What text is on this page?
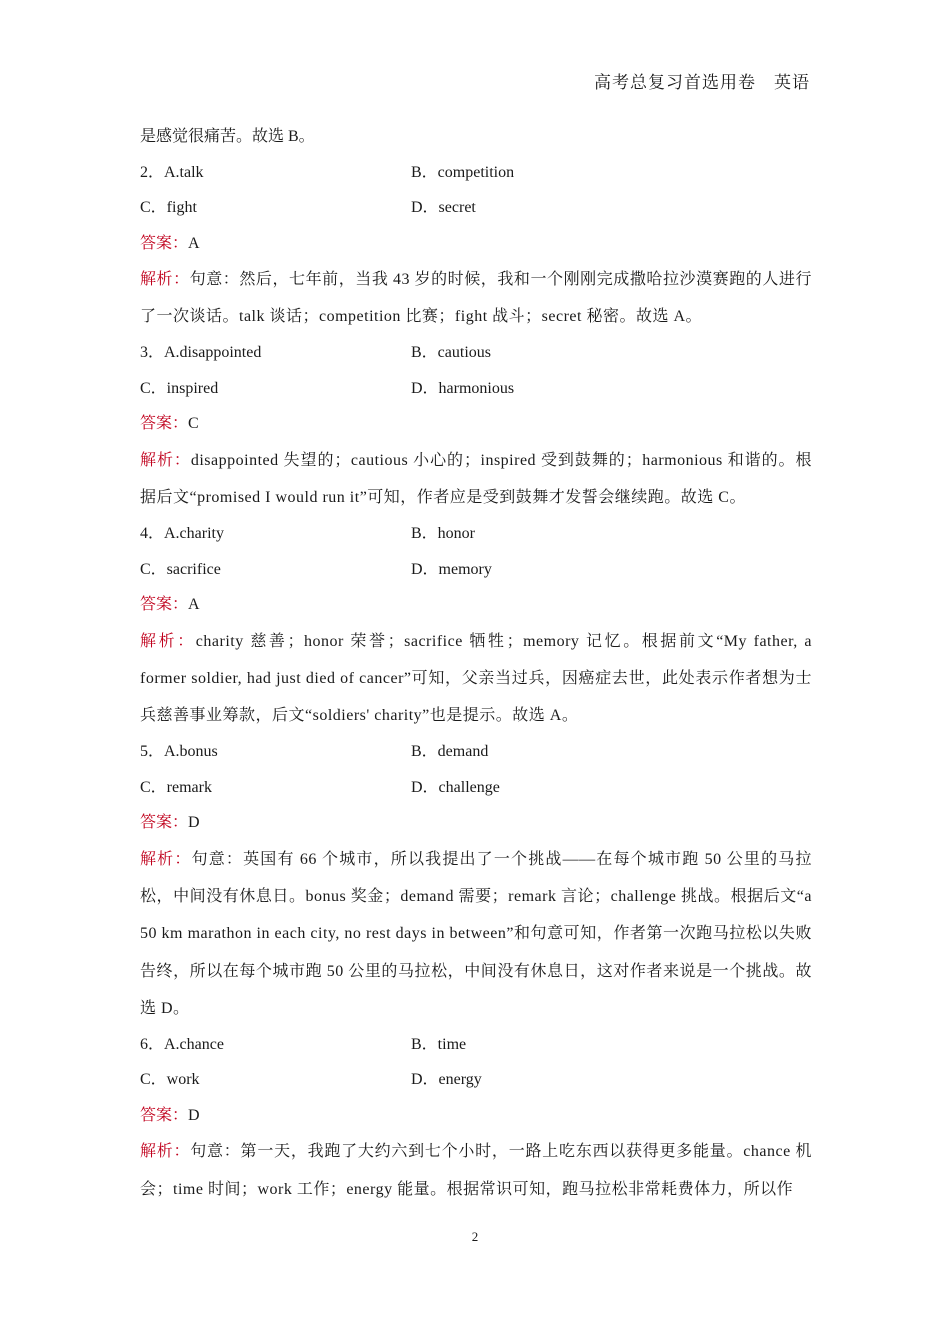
高考总复习首选用卷　英语
是感觉很痛苦。故选 B。
2．A.talk	B．competition
C．fight	D．secret
答案：A
解析：句意：然后，七年前，当我 43 岁的时候，我和一个刚刚完成撒哈拉沙漠赛跑的人进行了一次谈话。talk 谈话；competition 比赛；fight 战斗；secret 秘密。故选 A。
3．A.disappointed	B．cautious
C．inspired	D．harmonious
答案：C
解析：disappointed 失望的；cautious 小心的；inspired 受到鼓舞的；harmonious 和谐的。根据后文“promised I would run it”可知，作者应是受到鼓舞才发誓会继续跑。故选 C。
4．A.charity	B．honor
C．sacrifice	D．memory
答案：A
解析：charity 慈善；honor 荣誉；sacrifice 牺牲；memory 记忆。根据前文“My father, a former soldier, had just died of cancer”可知，父亲当过兵，因癌症去世，此处表示作者想为士兵慈善事业筹款，后文“soldiers' charity”也是提示。故选 A。
5．A.bonus	B．demand
C．remark	D．challenge
答案：D
解析：句意：英国有 66 个城市，所以我提出了一个挑战——在每个城市跑 50 公里的马拉松，中间没有休息日。bonus 奖金；demand 需要；remark 言论；challenge 挑战。根据后文“a 50 km marathon in each city, no rest days in between”和句意可知，作者第一次跑马拉松以失败告终，所以在每个城市跑 50 公里的马拉松，中间没有休息日，这对作者来说是一个挑战。故选 D。
6．A.chance	B．time
C．work	D．energy
答案：D
解析：句意：第一天，我跑了大约六到七个小时，一路上吃东西以获得更多能量。chance 机会；time 时间；work 工作；energy 能量。根据常识可知，跑马拉松非常耗费体力，所以作
2
